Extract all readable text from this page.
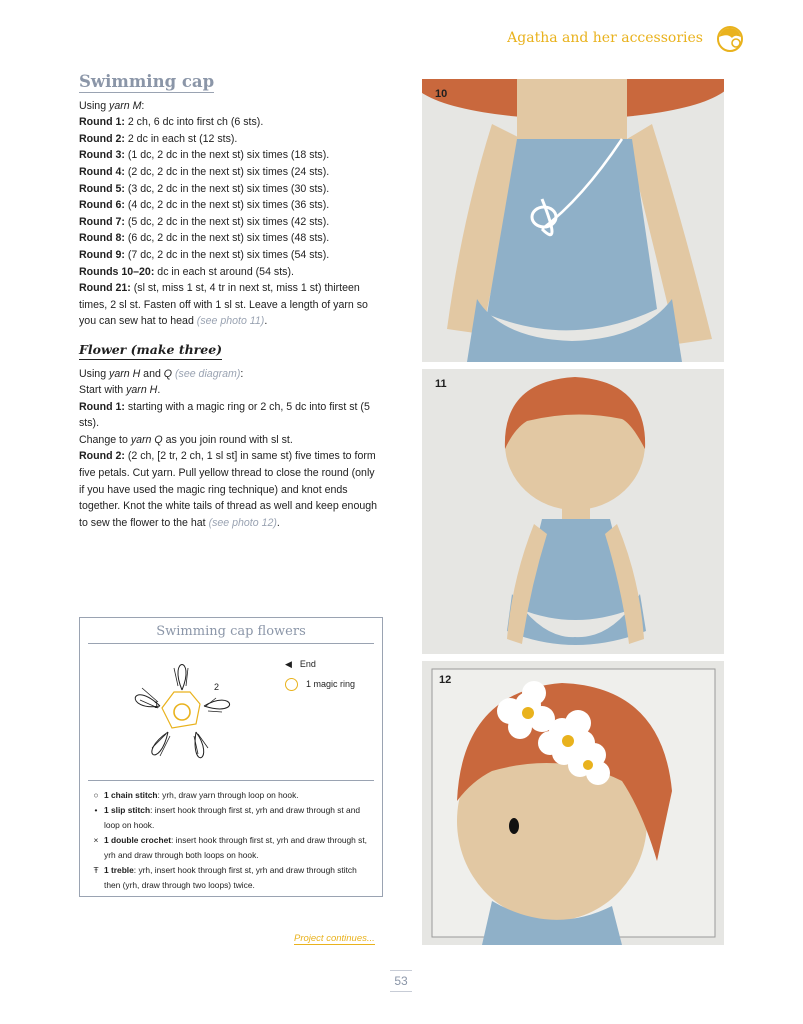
Agatha and her accessories
Swimming cap
Using yarn M:
Round 1: 2 ch, 6 dc into first ch (6 sts).
Round 2: 2 dc in each st (12 sts).
Round 3: (1 dc, 2 dc in the next st) six times (18 sts).
Round 4: (2 dc, 2 dc in the next st) six times (24 sts).
Round 5: (3 dc, 2 dc in the next st) six times (30 sts).
Round 6: (4 dc, 2 dc in the next st) six times (36 sts).
Round 7: (5 dc, 2 dc in the next st) six times (42 sts).
Round 8: (6 dc, 2 dc in the next st) six times (48 sts).
Round 9: (7 dc, 2 dc in the next st) six times (54 sts).
Rounds 10–20: dc in each st around (54 sts).
Round 21: (sl st, miss 1 st, 4 tr in next st, miss 1 st) thirteen times, 2 sl st. Fasten off with 1 sl st. Leave a length of yarn so you can sew hat to head (see photo 11).
Flower (make three)
Using yarn H and Q (see diagram):
Start with yarn H.
Round 1: starting with a magic ring or 2 ch, 5 dc into first st (5 sts).
Change to yarn Q as you join round with sl st.
Round 2: (2 ch, [2 tr, 2 ch, 1 sl st] in same st) five times to form five petals. Cut yarn. Pull yellow thread to close the round (only if you have used the magic ring technique) and knot ends together. Knot the white tails of thread as well and keep enough to sew the flower to the hat (see photo 12).
Swimming cap flowers
2
1
◀ End
1 magic ring
○ 1 chain stitch: yrh, draw yarn through loop on hook.
• 1 slip stitch: insert hook through first st, yrh and draw through st and loop on hook.
× 1 double crochet: insert hook through first st, yrh and draw through st, yrh and draw through both loops on hook.
Ŧ 1 treble: yrh, insert hook through first st, yrh and draw through stitch then (yrh, draw through two loops) twice.
Project continues...
53
10
11
12
